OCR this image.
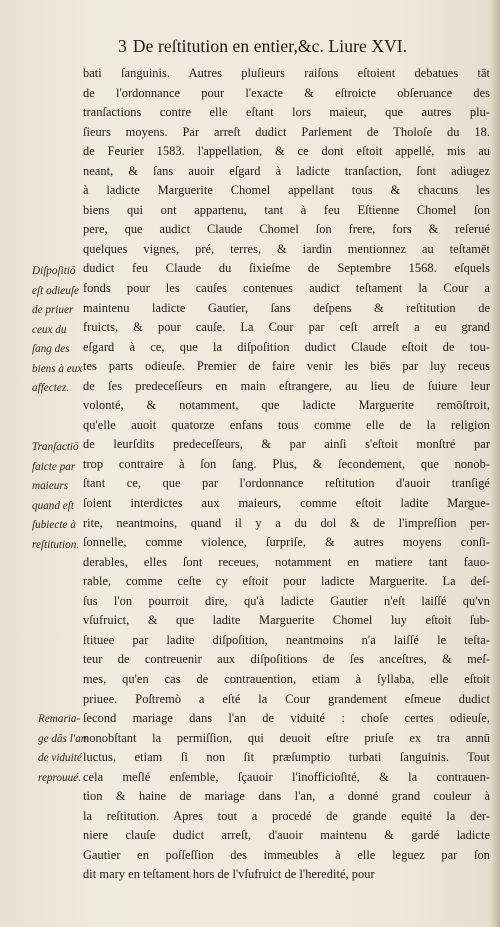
3 De reſtitution en entier,&c. Liure XVI.
bati ſanguinis. Autres pluſieurs raiſons eſtoient debatues tāt
de l'ordonnance pour l'exacte & eſtroicte obſeruance des
tranſactions contre elle eſtant lors maieur, que autres plu-
ſieurs moyens. Par arreſt dudict Parlement de Tholoſe du 18.
de Feurier 1583. l'appellation, & ce dont eſtoit appellé, mis au
neant, & ſans auoir eſgard à ladicte tranſaction, ſont adiugez
à ladicte Marguerite Chomel appellant tous & chacuns les
biens qui ont appartenu, tant à feu Eſtienne Chomel ſon
pere, que audict Claude Chomel ſon frere, fors & reſerué
quelques vignes, pré, terres, & iardin mentionnez au teſtamēt
dudict feu Claude du ſixieſme de Septembre 1568. eſquels
fonds pour les cauſes contenues audict teſtament la Cour a
maintenu ladicte Gautier, ſans deſpens & reſtitution de
fruicts, & pour cauſe. La Cour par ceſt arreſt a eu grand
eſgard à ce, que la diſpoſition dudict Claude eſtoit de tou-
tes parts odieuſe. Premier de faire venir les biēs par luy receus
de ſes predeceſſeurs en main eſtrangere, au lieu de ſuiure leur
volonté, & notamment, que ladicte Marguerite remōſtroit,
qu'elle auoit quatorze enfans tous comme elle de la religion
de leurſdits predeceſſeurs, & par ainſi s'eſtoit monſtré par
trop contraire à ſon ſang. Plus, & ſecondement, que nonob-
ſtant ce, que par l'ordonnance reſtitution d'auoir tranſigé
ſoient interdictes aux maieurs, comme eſtoit ladite Margue-
rite, neantmoins, quand il y a du dol & de l'impreſſion per-
ſonnelle, comme violence, ſurpriſe, & autres moyens conſi-
derables, elles ſont receues, notamment en matiere tant fauo-
rable, comme ceſte cy eſtoit pour ladicte Marguerite. La deſ-
ſus l'on pourroit dire, qu'à ladicte Gautier n'eſt laiſſé qu'vn
vſufruict, & que ladite Marguerite Chomel luy eſtoit ſub-
ſtituee par ladite diſpoſition, neantmoins n'a laiſſé le teſta-
teur de contreuenir aux diſpoſitions de ſes anceſtres, & meſ-
mes, qu'en cas de contrauention, etiam à ſyllaba, elle eſtoit
priuee. Poſtremò a eſté la Cour grandement eſmeue dudict
ſecond mariage dans l'an de viduité : choſe certes odieuſe,
nonobſtant la permiſſion, qui deuoit eſtre priuſe ex tra annū
luctus, etiam ſi non ſit præſumptio turbati ſanguinis. Tout
cela meſlé enſemble, ſçauoir l'inofficioſité, & la contrauen-
tion & haine de mariage dans l'an, a donné grand couleur à
la reſtitution. Apres tout a procedé de grande equité la der-
niere clauſe dudict arreſt, d'auoir maintenu & gardé ladicte
Gautier en poſſeſſion des immeubles à elle leguez par ſon
dit mary en teſtament hors de l'vſufruict de l'heredité, pour
Diſpoſitiō
eſt odieuſe
de priuer
ceux du
ſang des
biens à eux
affectez.
Tranſactiō
faicte par
maieurs
quand eſt
ſubiecte à
reſtitution.
Remaria-
ge dās l'an
de viduité
reprouué.
